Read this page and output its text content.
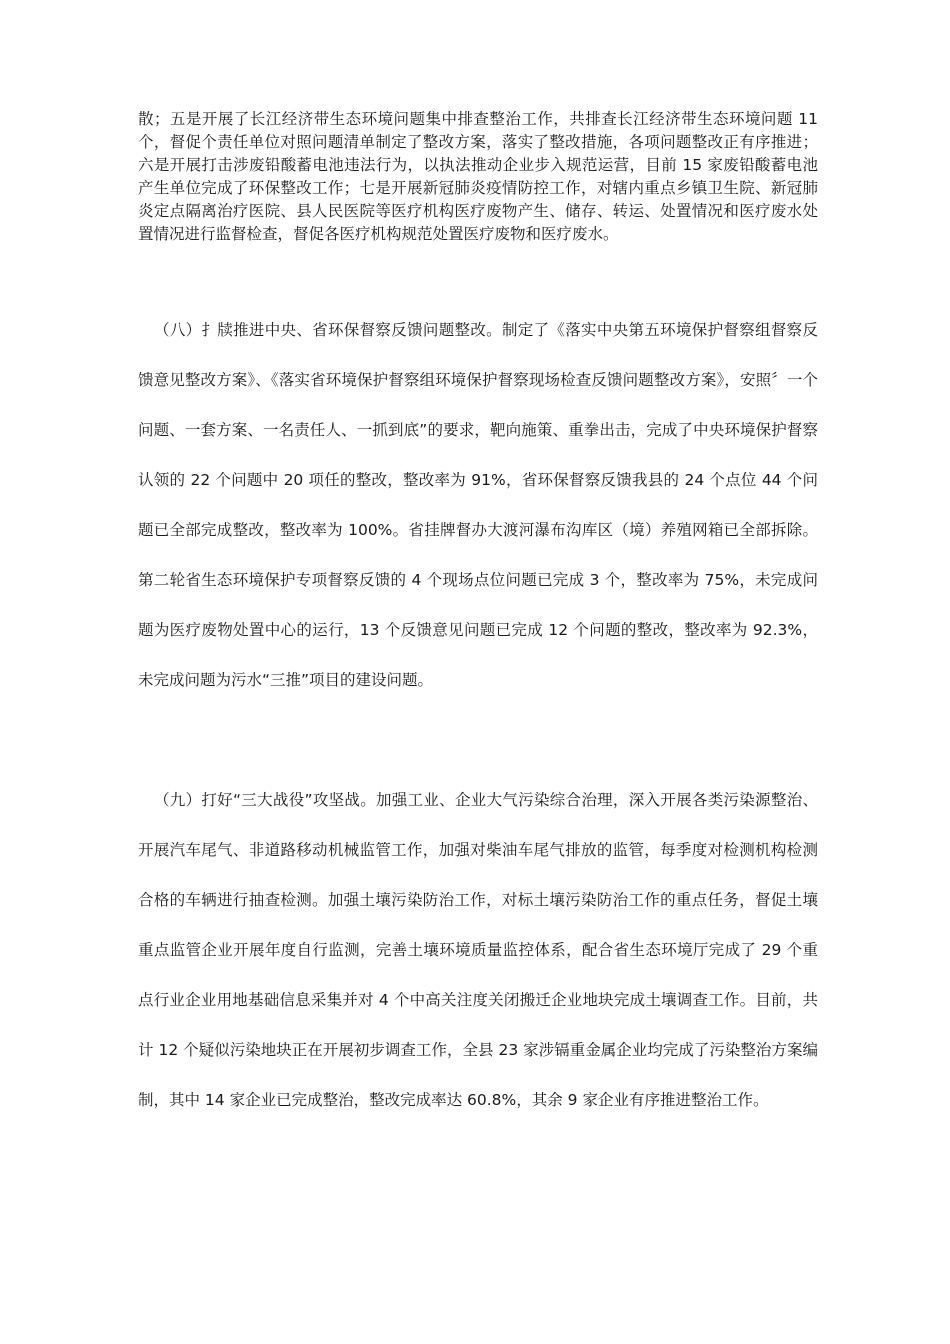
散；五是开展了长江经济带生态环境问题集中排查整治工作，共排查长江经济带生态环境问题 11 个，督促个责任单位对照问题清单制定了整改方案，落实了整改措施，各项问题整改正有序推进；六是开展打击涉废铅酸蓄电池违法行为，以执法推动企业步入规范运营，目前 15 家废铅酸蓄电池产生单位完成了环保整改工作；七是开展新冠肺炎疫情防控工作，对辖内重点乡镇卫生院、新冠肺炎定点隔离治疗医院、县人民医院等医疗机构医疗废物产生、储存、转运、处置情况和医疗废水处置情况进行监督检查，督促各医疗机构规范处置医疗废物和医疗废水。

（八）扌牍推进中央、省环保督察反馈问题整改。制定了《落实中央第五环境保护督察组督察反馈意见整改方案》、《落实省环境保护督察组环境保护督察现场检查反馈问题整改方案》，安照〞一个问题、一套方案、一名责任人、一抓到底”的要求，靶向施策、重拳出击，完成了中央环境保护督察认领的 22 个问题中 20 项任的整改，整改率为 91%，省环保督察反馈我县的 24 个点位 44 个问题已全部完成整改，整改率为 100%。省挂牌督办大渡河瀑布沟库区（境）养殖网箱已全部拆除。第二轮省生态环境保护专项督察反馈的 4 个现场点位问题已完成 3 个，整改率为 75%，未完成问题为医疗废物处置中心的运行，13 个反馈意见问题已完成 12 个问题的整改，整改率为 92.3%，未完成问题为污水“三推”项目的建设问题。

（九）打好“三大战役”攻坚战。加强工业、企业大气污染综合治理，深入开展各类污染源整治、开展汽车尾气、非道路移动机械监管工作，加强对柴油车尾气排放的监管，每季度对检测机构检测合格的车辆进行抽查检测。加强土壤污染防治工作，对标土壤污染防治工作的重点任务，督促土壤重点监管企业开展年度自行监测，完善土壤环境质量监控体系，配合省生态环境厅完成了 29 个重点行业企业用地基础信息采集并对 4 个中高关注度关闭搬迁企业地块完成土壤调查工作。目前，共计 12 个疑似污染地块正在开展初步调查工作，全县 23 家涉镉重金属企业均完成了污染整治方案编制，其中 14 家企业已完成整治，整改完成率达 60.8%，其余 9 家企业有序推进整治工作。
